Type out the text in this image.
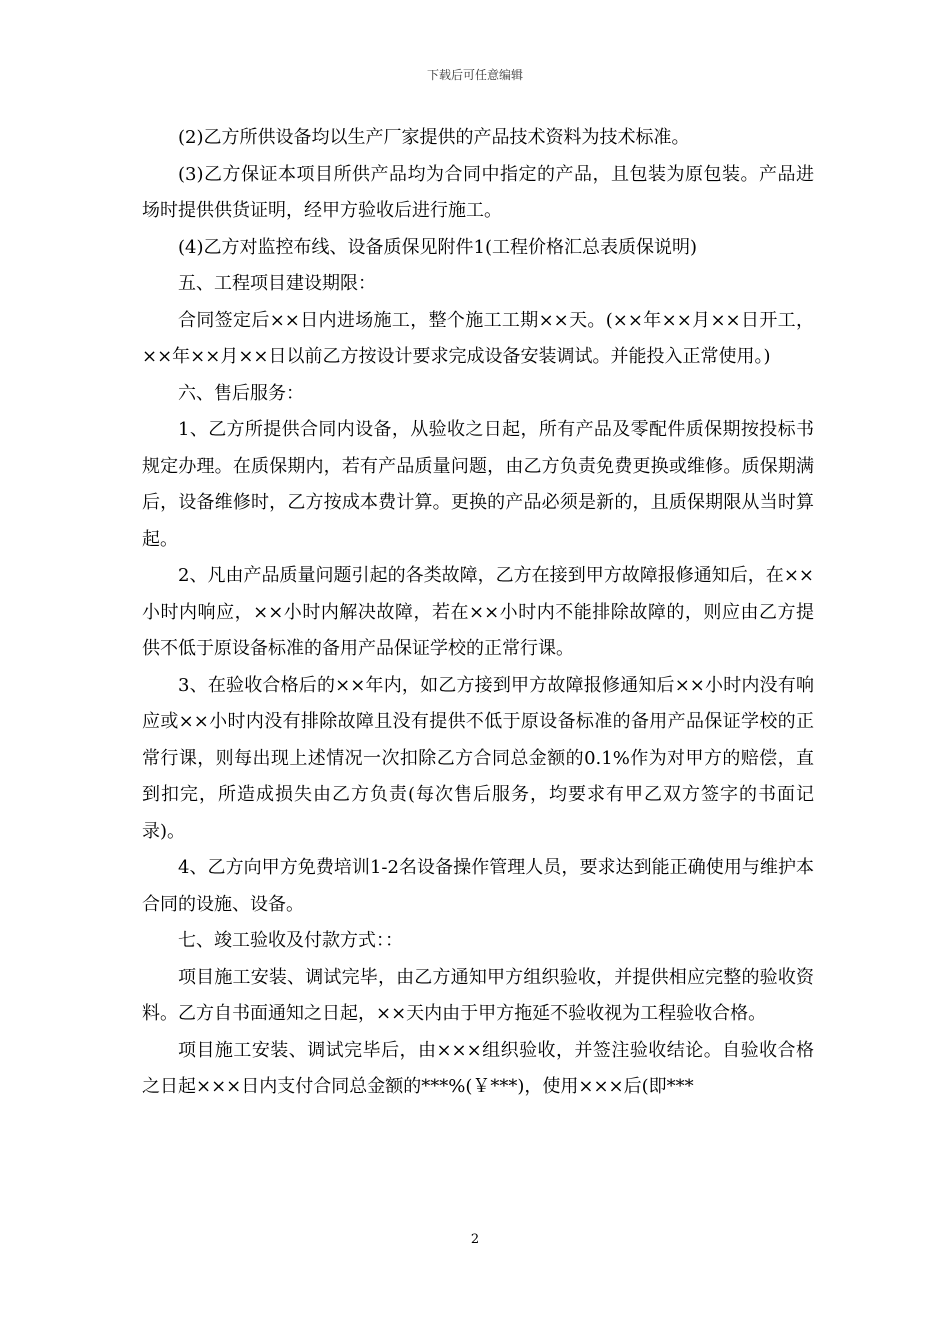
下载后可任意编辑

(2)乙方所供设备均以生产厂家提供的产品技术资料为技术标准。

(3)乙方保证本项目所供产品均为合同中指定的产品，且包装为原包装。产品进场时提供供货证明，经甲方验收后进行施工。

(4)乙方对监控布线、设备质保见附件1(工程价格汇总表质保说明)

五、工程项目建设期限：

合同签定后××日内进场施工，整个施工工期××天。(××年××月××日开工，××年××月××日以前乙方按设计要求完成设备安装调试。并能投入正常使用。)

六、售后服务：

1、乙方所提供合同内设备，从验收之日起，所有产品及零配件质保期按投标书规定办理。在质保期内，若有产品质量问题，由乙方负责免费更换或维修。质保期满后，设备维修时，乙方按成本费计算。更换的产品必须是新的，且质保期限从当时算起。

2、凡由产品质量问题引起的各类故障，乙方在接到甲方故障报修通知后，在××小时内响应，××小时内解决故障，若在××小时内不能排除故障的，则应由乙方提供不低于原设备标准的备用产品保证学校的正常行课。

3、在验收合格后的××年内，如乙方接到甲方故障报修通知后××小时内没有响应或××小时内没有排除故障且没有提供不低于原设备标准的备用产品保证学校的正常行课，则每出现上述情况一次扣除乙方合同总金额的0.1%作为对甲方的赔偿，直到扣完，所造成损失由乙方负责(每次售后服务，均要求有甲乙双方签字的书面记录)。

4、乙方向甲方免费培训1-2名设备操作管理人员，要求达到能正确使用与维护本合同的设施、设备。

七、竣工验收及付款方式：：

项目施工安装、调试完毕，由乙方通知甲方组织验收，并提供相应完整的验收资料。乙方自书面通知之日起，××天内由于甲方拖延不验收视为工程验收合格。

项目施工安装、调试完毕后，由×××组织验收，并签注验收结论。自验收合格之日起×××日内支付合同总金额的***%(￥***)，使用×××后(即***

2
